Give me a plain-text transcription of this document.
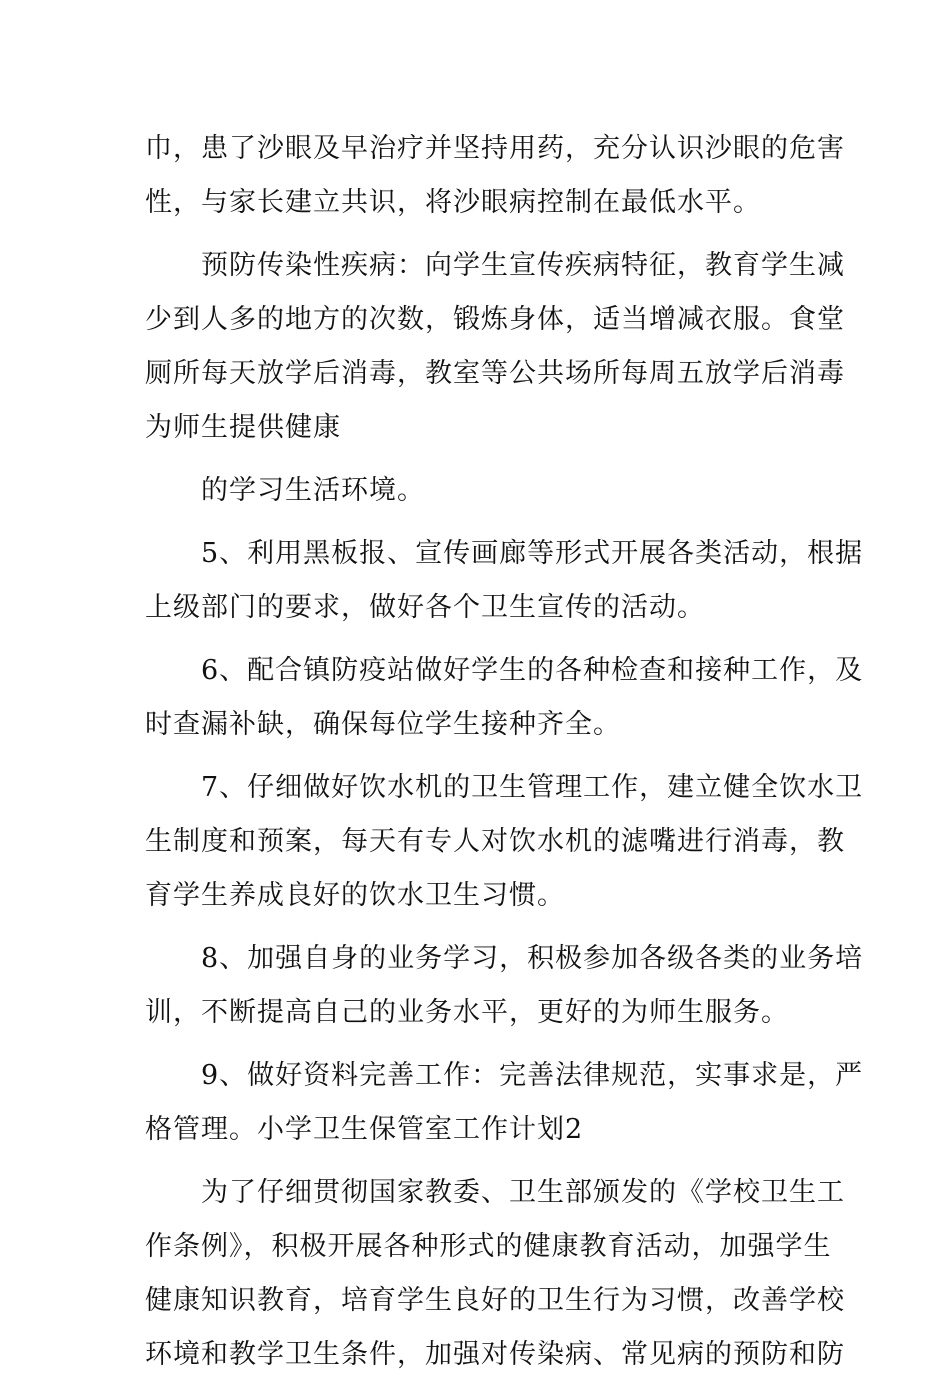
巾，患了沙眼及早治疗并坚持用药，充分认识沙眼的危害
性，与家长建立共识，将沙眼病控制在最低水平。
预防传染性疾病：向学生宣传疾病特征，教育学生减
少到人多的地方的次数，锻炼身体，适当增减衣服。食堂
厕所每天放学后消毒，教室等公共场所每周五放学后消毒
为师生提供健康
的学习生活环境。
5、利用黑板报、宣传画廊等形式开展各类活动，根据
上级部门的要求，做好各个卫生宣传的活动。
6、配合镇防疫站做好学生的各种检查和接种工作，及
时查漏补缺，确保每位学生接种齐全。
7、仔细做好饮水机的卫生管理工作，建立健全饮水卫
生制度和预案，每天有专人对饮水机的滤嘴进行消毒，教
育学生养成良好的饮水卫生习惯。
8、加强自身的业务学习，积极参加各级各类的业务培
训，不断提高自己的业务水平，更好的为师生服务。
9、做好资料完善工作：完善法律规范，实事求是，严
格管理。小学卫生保管室工作计划2
为了仔细贯彻国家教委、卫生部颁发的《学校卫生工
作条例》，积极开展各种形式的健康教育活动，加强学生
健康知识教育，培育学生良好的卫生行为习惯，改善学校
环境和教学卫生条件，加强对传染病、常见病的预防和防
